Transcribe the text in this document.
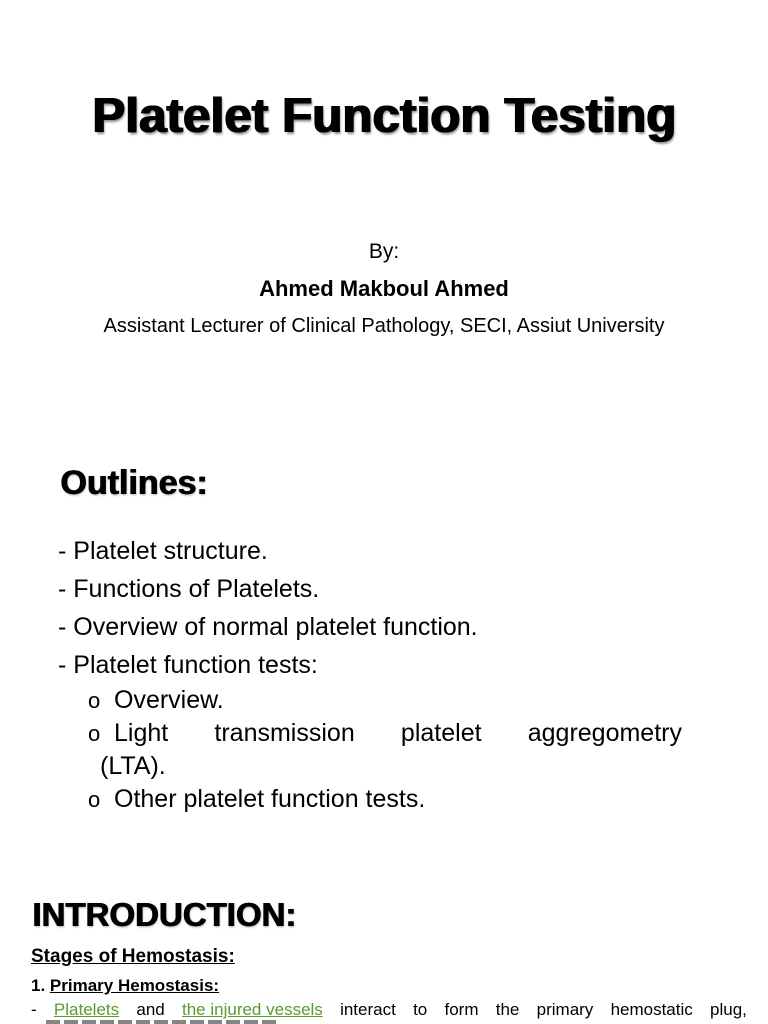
Platelet Function Testing
By:
Ahmed Makboul Ahmed
Assistant Lecturer of Clinical Pathology, SECI, Assiut University
Outlines:
- Platelet structure.
- Functions of Platelets.
- Overview of normal platelet function.
- Platelet function tests:
o Overview.
o Light transmission platelet aggregometry
(LTA).
o Other platelet function tests.
INTRODUCTION:
Stages of Hemostasis:
1. Primary Hemostasis:
- Platelets and the injured vessels interact to form the primary hemostatic plug,
